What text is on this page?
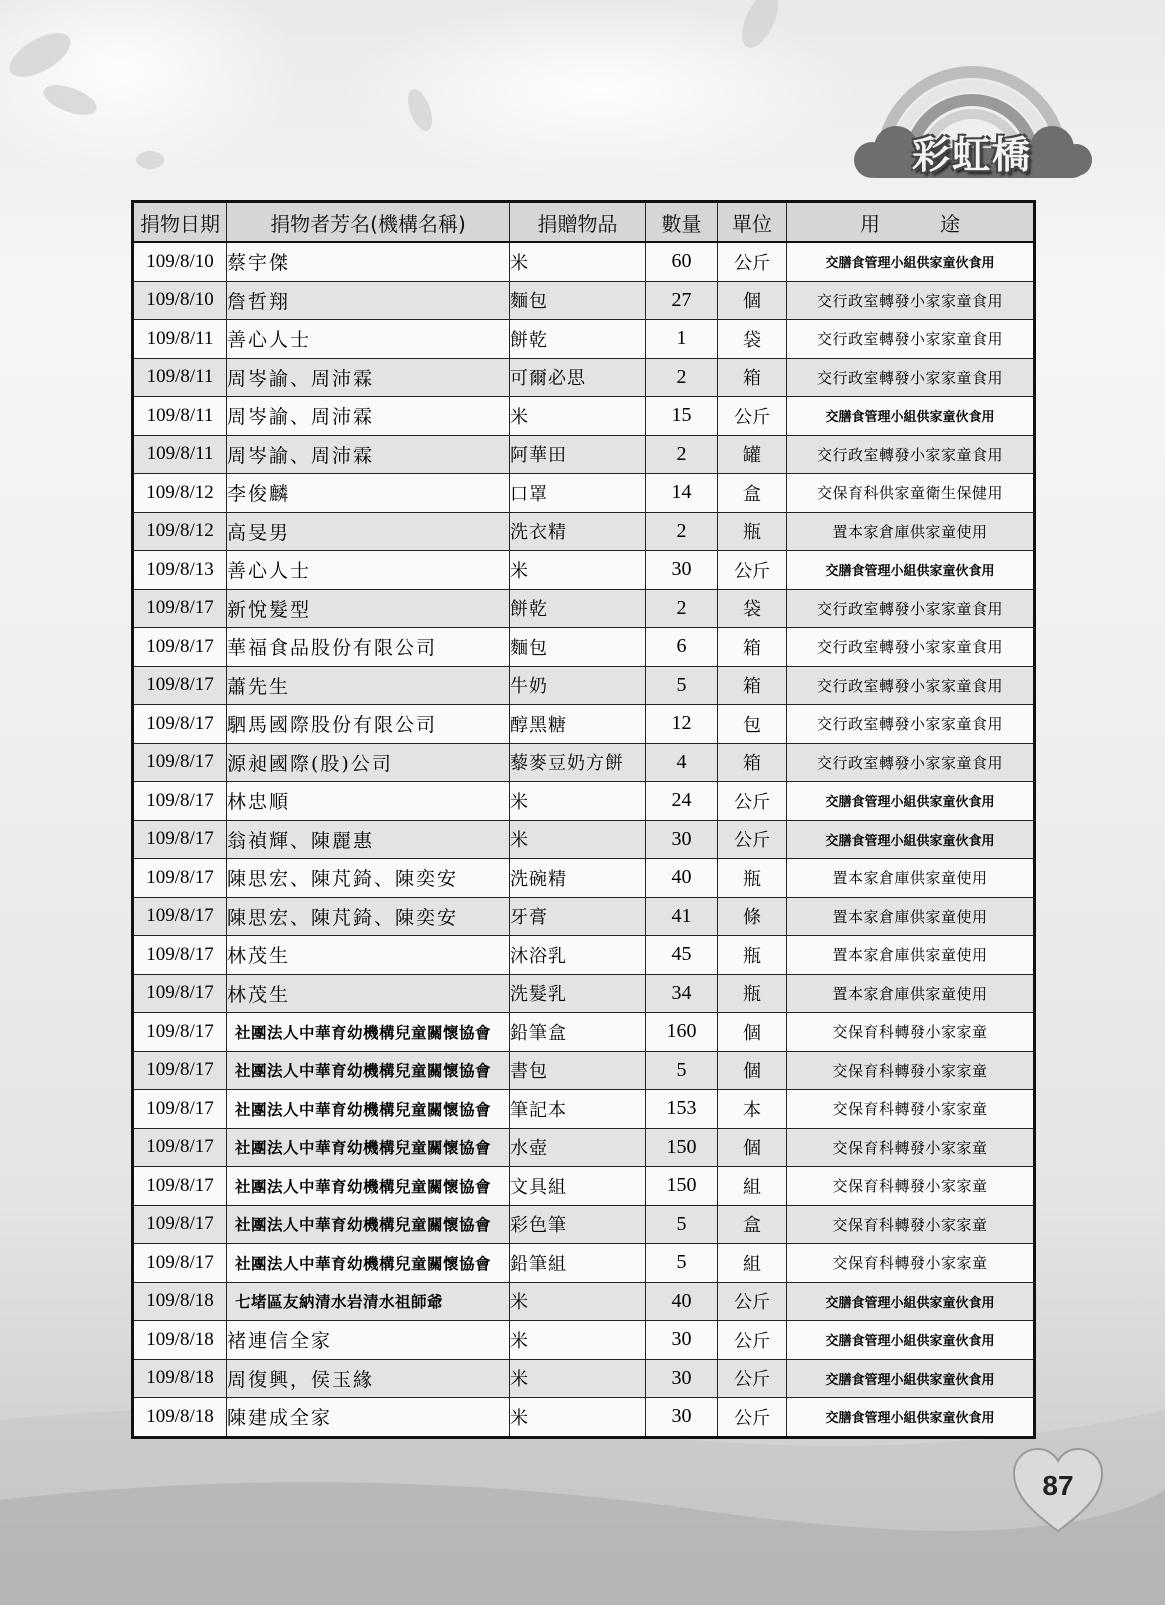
彩虹橋
捐物日期	捐物者芳名(機構名稱)	捐贈物品	數量	單位	用　　　途
109/8/10	蔡宇傑	米	60	公斤	交膳食管理小組供家童伙食用
109/8/10	詹哲翔	麵包	27	個	交行政室轉發小家家童食用
109/8/11	善心人士	餅乾	1	袋	交行政室轉發小家家童食用
109/8/11	周岑諭、周沛霖	可爾必思	2	箱	交行政室轉發小家家童食用
109/8/11	周岑諭、周沛霖	米	15	公斤	交膳食管理小組供家童伙食用
109/8/11	周岑諭、周沛霖	阿華田	2	罐	交行政室轉發小家家童食用
109/8/12	李俊麟	口罩	14	盒	交保育科供家童衛生保健用
109/8/12	高旻男	洗衣精	2	瓶	置本家倉庫供家童使用
109/8/13	善心人士	米	30	公斤	交膳食管理小組供家童伙食用
109/8/17	新悅髮型	餅乾	2	袋	交行政室轉發小家家童食用
109/8/17	華福食品股份有限公司	麵包	6	箱	交行政室轉發小家家童食用
109/8/17	蕭先生	牛奶	5	箱	交行政室轉發小家家童食用
109/8/17	駟馬國際股份有限公司	醇黑糖	12	包	交行政室轉發小家家童食用
109/8/17	源昶國際(股)公司	藜麥豆奶方餅	4	箱	交行政室轉發小家家童食用
109/8/17	林忠順	米	24	公斤	交膳食管理小組供家童伙食用
109/8/17	翁禎輝、陳麗惠	米	30	公斤	交膳食管理小組供家童伙食用
109/8/17	陳思宏、陳芃錡、陳奕安	洗碗精	40	瓶	置本家倉庫供家童使用
109/8/17	陳思宏、陳芃錡、陳奕安	牙膏	41	條	置本家倉庫供家童使用
109/8/17	林茂生	沐浴乳	45	瓶	置本家倉庫供家童使用
109/8/17	林茂生	洗髮乳	34	瓶	置本家倉庫供家童使用
109/8/17	社團法人中華育幼機構兒童關懷協會	鉛筆盒	160	個	交保育科轉發小家家童
109/8/17	社團法人中華育幼機構兒童關懷協會	書包	5	個	交保育科轉發小家家童
109/8/17	社團法人中華育幼機構兒童關懷協會	筆記本	153	本	交保育科轉發小家家童
109/8/17	社團法人中華育幼機構兒童關懷協會	水壺	150	個	交保育科轉發小家家童
109/8/17	社團法人中華育幼機構兒童關懷協會	文具組	150	組	交保育科轉發小家家童
109/8/17	社團法人中華育幼機構兒童關懷協會	彩色筆	5	盒	交保育科轉發小家家童
109/8/17	社團法人中華育幼機構兒童關懷協會	鉛筆組	5	組	交保育科轉發小家家童
109/8/18	七堵區友納清水岩清水祖師爺	米	40	公斤	交膳食管理小組供家童伙食用
109/8/18	褚連信全家	米	30	公斤	交膳食管理小組供家童伙食用
109/8/18	周復興，侯玉緣	米	30	公斤	交膳食管理小組供家童伙食用
109/8/18	陳建成全家	米	30	公斤	交膳食管理小組供家童伙食用
87
